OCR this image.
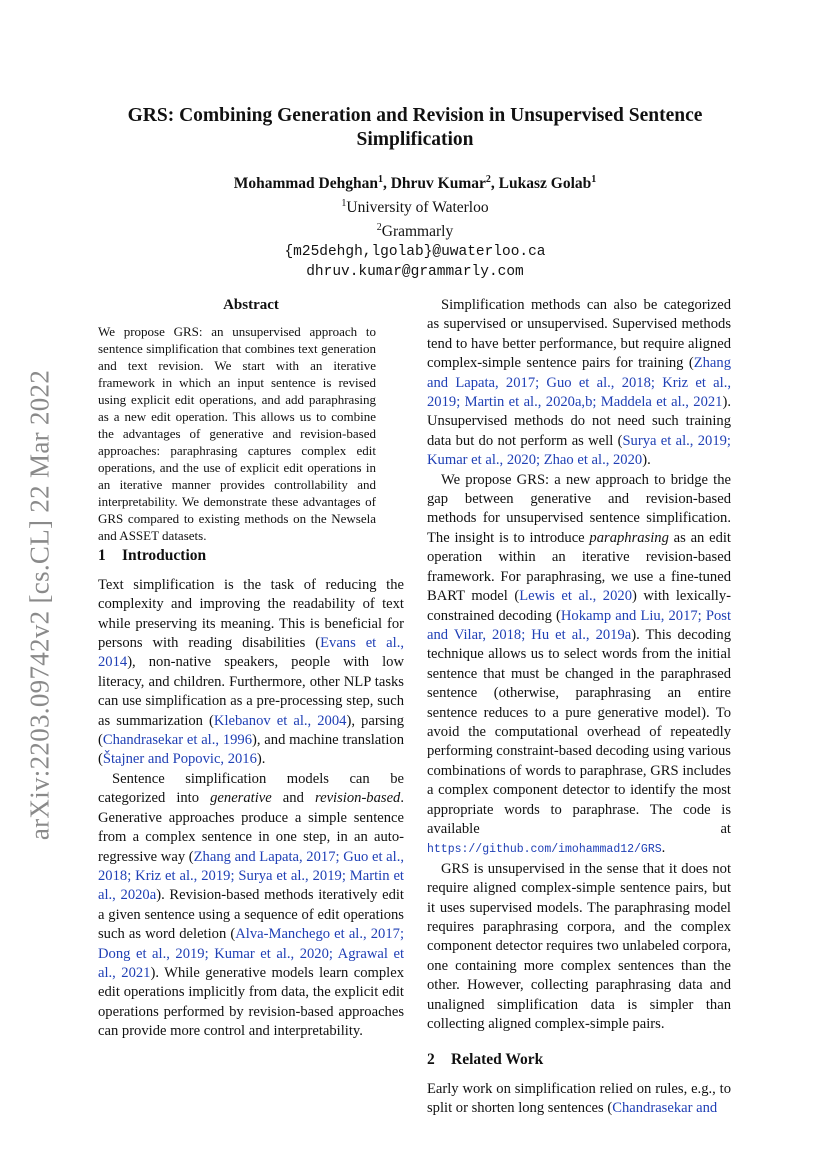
arXiv:2203.09742v2 [cs.CL] 22 Mar 2022
GRS: Combining Generation and Revision in Unsupervised Sentence Simplification
Mohammad Dehghan$^1$, Dhruv Kumar$^2$, Lukasz Golab$^1$
$^1$University of Waterloo
$^2$Grammarly
{m25dehgh,lgolab}@uwaterloo.ca
dhruv.kumar@grammarly.com
Abstract

We propose GRS: an unsupervised approach to sentence simplification that combines text generation and text revision. We start with an iterative framework in which an input sentence is revised using explicit edit operations, and add paraphrasing as a new edit operation. This allows us to combine the advantages of generative and revision-based approaches: paraphrasing captures complex edit operations, and the use of explicit edit operations in an iterative manner provides controllability and interpretability. We demonstrate these advantages of GRS compared to existing methods on the Newsela and ASSET datasets.

1 Introduction

Text simplification is the task of reducing the complexity and improving the readability of text while preserving its meaning. This is beneficial for persons with reading disabilities (Evans et al., 2014), non-native speakers, people with low literacy, and children. Furthermore, other NLP tasks can use simplification as a pre-processing step, such as summarization (Klebanov et al., 2004), parsing (Chandrasekar et al., 1996), and machine translation (Štajner and Popovic, 2016).

Sentence simplification models can be categorized into generative and revision-based. Generative approaches produce a simple sentence from a complex sentence in one step, in an auto-regressive way (Zhang and Lapata, 2017; Guo et al., 2018; Kriz et al., 2019; Surya et al., 2019; Martin et al., 2020a). Revision-based methods iteratively edit a given sentence using a sequence of edit operations such as word deletion (Alva-Manchego et al., 2017; Dong et al., 2019; Kumar et al., 2020; Agrawal et al., 2021). While generative models learn complex edit operations implicitly from data, the explicit edit operations performed by revision-based approaches can provide more control and interpretability.

Simplification methods can also be categorized as supervised or unsupervised. Supervised methods tend to have better performance, but require aligned complex-simple sentence pairs for training (Zhang and Lapata, 2017; Guo et al., 2018; Kriz et al., 2019; Martin et al., 2020a,b; Maddela et al., 2021). Unsupervised methods do not need such training data but do not perform as well (Surya et al., 2019; Kumar et al., 2020; Zhao et al., 2020).

We propose GRS: a new approach to bridge the gap between generative and revision-based methods for unsupervised sentence simplification. The insight is to introduce paraphrasing as an edit operation within an iterative revision-based framework. For paraphrasing, we use a fine-tuned BART model (Lewis et al., 2020) with lexically-constrained decoding (Hokamp and Liu, 2017; Post and Vilar, 2018; Hu et al., 2019a). This decoding technique allows us to select words from the initial sentence that must be changed in the paraphrased sentence (otherwise, paraphrasing an entire sentence reduces to a pure generative model). To avoid the computational overhead of repeatedly performing constraint-based decoding using various combinations of words to paraphrase, GRS includes a complex component detector to identify the most appropriate words to paraphrase. The code is available at https://github.com/imohammad12/GRS.

GRS is unsupervised in the sense that it does not require aligned complex-simple sentence pairs, but it uses supervised models. The paraphrasing model requires paraphrasing corpora, and the complex component detector requires two unlabeled corpora, one containing more complex sentences than the other. However, collecting paraphrasing data and unaligned simplification data is simpler than collecting aligned complex-simple pairs.

2 Related Work

Early work on simplification relied on rules, e.g., to split or shorten long sentences (Chandrasekar and
